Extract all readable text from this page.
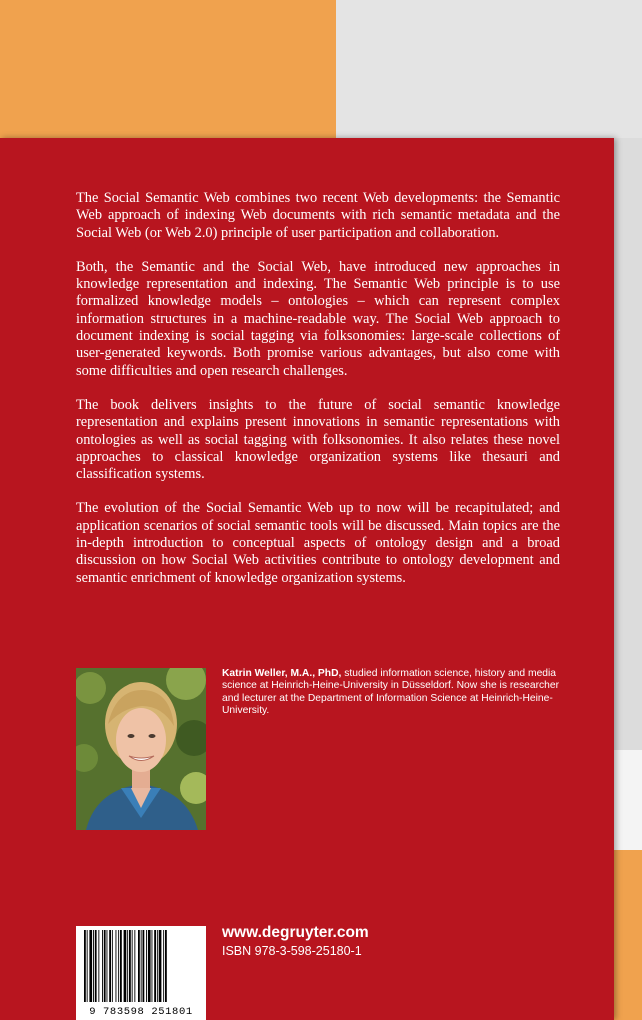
The Social Semantic Web combines two recent Web developments: the Semantic Web approach of indexing Web documents with rich semantic metadata and the Social Web (or Web 2.0) principle of user participation and collaboration.

Both, the Semantic and the Social Web, have introduced new approaches in knowledge representation and indexing. The Semantic Web principle is to use formalized knowledge models – ontologies – which can represent complex information structures in a machine-readable way. The Social Web approach to document indexing is social tagging via folksonomies: large-scale collections of user-generated keywords. Both promise various advantages, but also come with some difficulties and open research challenges.

The book delivers insights to the future of social semantic knowledge representation and explains present innovations in semantic representations with ontologies as well as social tagging with folksonomies. It also relates these novel approaches to classical knowledge organization systems like thesauri and classification systems.

The evolution of the Social Semantic Web up to now will be recapitulated; and application scenarios of social semantic tools will be discussed. Main topics are the in-depth introduction to conceptual aspects of ontology design and a broad discussion on how Social Web activities contribute to ontology development and semantic enrichment of knowledge organization systems.

Katrin Weller, M.A., PhD, studied information science, history and media science at Heinrich-Heine-University in Düsseldorf. Now she is researcher and lecturer at the Department of Information Science at Heinrich-Heine-University.
9 783598 251801
www.degruyter.com
ISBN 978-3-598-25180-1
